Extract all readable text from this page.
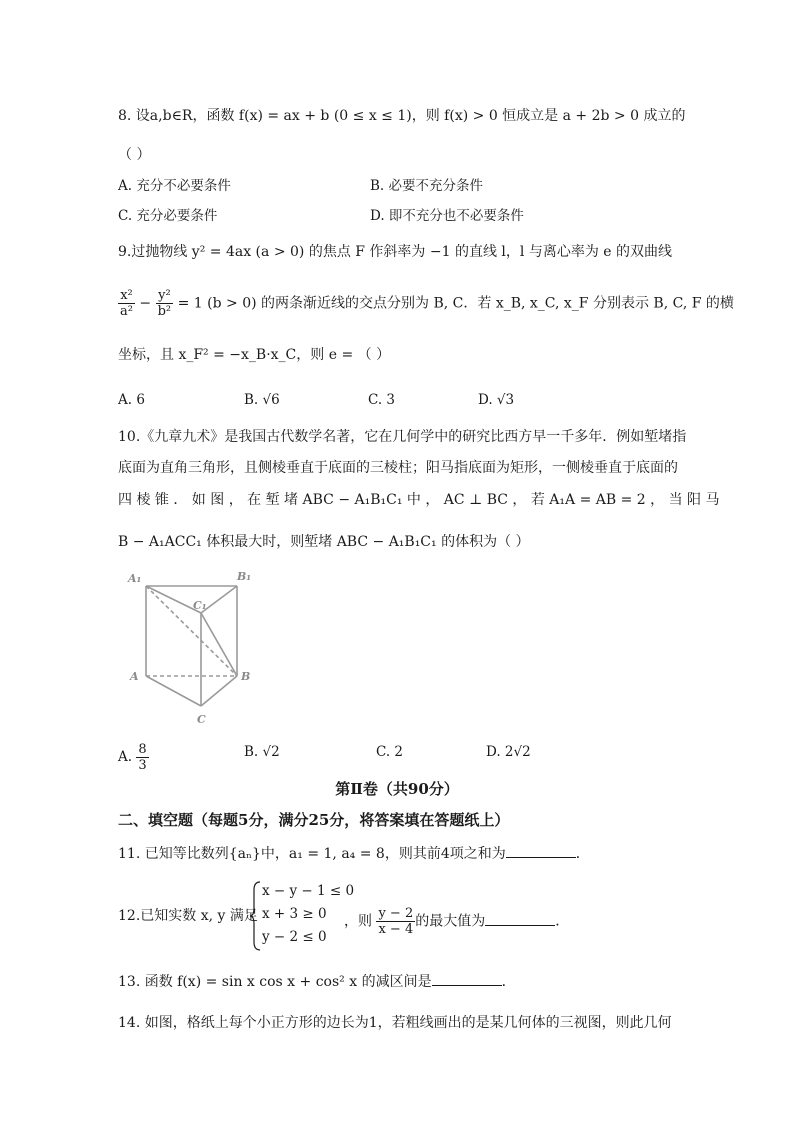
8. 设a,b∈R，函数 f(x) = ax + b (0 ≤ x ≤ 1)，则 f(x) > 0 恒成立是 a + 2b > 0 成立的
（ ）
A. 充分不必要条件	B. 必要不充分条件
C. 充分必要条件	D. 即不充分也不必要条件
9.过抛物线 y² = 4ax (a > 0) 的焦点 F 作斜率为 −1 的直线 l，l 与离心率为 e 的双曲线
$\frac{\text{x²}}{\text{a²}} - \frac{\text{y²}}{\text{b²}} = 1$ (b > 0) 的两条渐近线的交点分别为 B, C．若 x_B, x_C, x_F 分别表示 B, C, F 的横
坐标，且 x_F² = −x_B·x_C，则 e = （ ）
A. 6	B. √6	C. 3	D. √3
10.《九章九术》是我国古代数学名著，它在几何学中的研究比西方早一千多年．例如堑堵指
底面为直角三角形，且侧棱垂直于底面的三棱柱；阳马指底面为矩形，一侧棱垂直于底面的
四 棱 锥 ． 如 图 ， 在 堑 堵 ABC − A₁B₁C₁ 中 ， AC ⊥ BC ， 若 A₁A = AB = 2 ， 当 阳 马
B − A₁ACC₁ 体积最大时，则堑堵 ABC − A₁B₁C₁ 的体积为（ ）
A₁	B₁
C₁
A	B
C
A. $\frac{8}{3}$	B. √2	C. 2	D. 2√2
第Ⅱ卷（共90分）
二、填空题（每题5分，满分25分，将答案填在答题纸上）
11. 已知等比数列{aₙ}中，a₁ = 1, a₄ = 8，则其前4项之和为	．
12.已知实数 x, y 满足
x − y − 1 ≤ 0
x + 3 ≥ 0
y − 2 ≤ 0
，则 $\frac{y - 2}{x - 4}$ 的最大值为	．
13. 函数 f(x) = sin x cos x + cos² x 的减区间是	．
14. 如图，格纸上每个小正方形的边长为1，若粗线画出的是某几何体的三视图，则此几何
